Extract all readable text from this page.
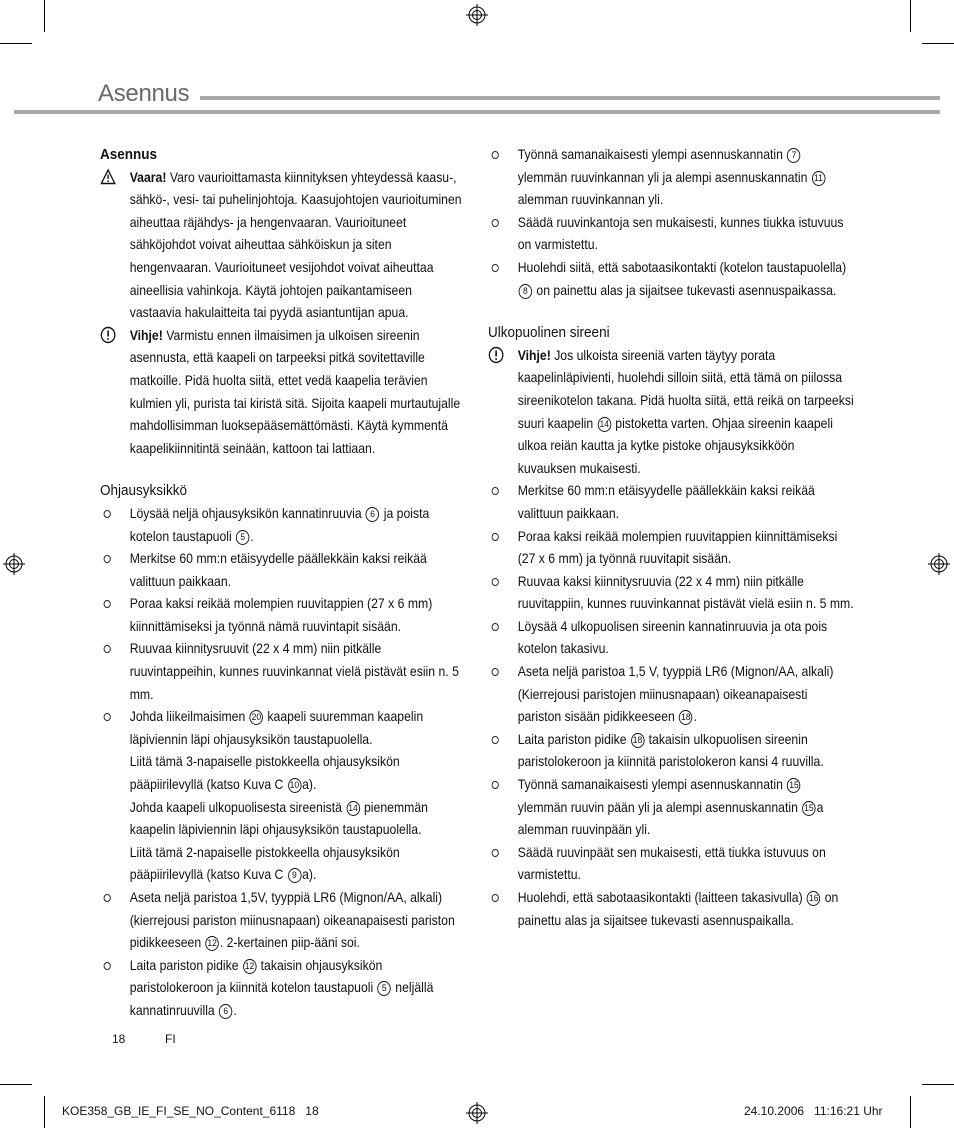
Asennus

Asennus

Vaara! Varo vaurioittamasta kiinnityksen yhteydessä kaasu-, sähkö-, vesi- tai puhelinjohtoja. Kaasujohtojen vaurioituminen aiheuttaa räjähdys- ja hengenvaaran. Vaurioituneet sähköjohdot voivat aiheuttaa sähköiskun ja siten hengenvaaran. Vaurioituneet vesijohdot voivat aiheuttaa aineellisia vahinkoja. Käytä johtojen paikantamiseen vastaavia hakulaitteita tai pyydä asiantuntijan apua.
Vihje! Varmistu ennen ilmaisimen ja ulkoisen sireenin asennusta, että kaapeli on tarpeeksi pitkä sovitettaville matkoille. Pidä huolta siitä, ettet vedä kaapelia terävien kulmien yli, purista tai kiristä sitä. Sijoita kaapeli murtautujalle mahdollisimman luoksepääsemättömästi. Käytä kymmentä kaapelikiinnitintä seinään, kattoon tai lattiaan.

Ohjausyksikkö

Löysää neljä ohjausyksikön kannatinruuvia 6 ja poista kotelon taustapuoli 5 .
Merkitse 60 mm:n etäisyydelle päällekkäin kaksi reikää valittuun paikkaan.
Poraa kaksi reikää molempien ruuvitappien (27 x 6 mm) kiinnittämiseksi ja työnnä nämä ruuvintapit sisään.
Ruuvaa kiinnitysruuvit (22 x 4 mm) niin pitkälle ruuvintappeihin, kunnes ruuvinkannat vielä pistävät esiin n. 5 mm.
Johda liikeilmaisimen 20 kaapeli suuremman kaapelin läpiviennin läpi ohjausyksikön taustapuolella.
Liitä tämä 3-napaiselle pistokkeella ohjausyksikön pääpiirilevyllä (katso Kuva C 10 a).
Johda kaapeli ulkopuolisesta sireenistä 14 pienemmän kaapelin läpiviennin läpi ohjausyksikön taustapuolella.
Liitä tämä 2-napaiselle pistokkeella ohjausyksikön pääpiirilevyllä (katso Kuva C 9 a).
Aseta neljä paristoa 1,5V, tyyppiä LR6 (Mignon/AA, alkali) (kierrejousi pariston miinusnapaan) oikeanapaisesti pariston pidikkeeseen 12 . 2-kertainen piip-ääni soi.
Laita pariston pidike 12 takaisin ohjausyksikön paristolokeroon ja kiinnitä kotelon taustapuoli 5 neljällä kannatinruuvilla 6 .
Työnnä samanaikaisesti ylempi asennuskannatin 7 ylemmän ruuvinkannan yli ja alempi asennuskannatin 11 alemman ruuvinkannan yli.
Säädä ruuvinkantoja sen mukaisesti, kunnes tiukka istuvuus on varmistettu.
Huolehdi siitä, että sabotaasikontakti (kotelon taustapuolella) 8 on painettu alas ja sijaitsee tukevasti asennuspaikassa.

Ulkopuolinen sireeni

Vihje! Jos ulkoista sireeniä varten täytyy porata kaapelinläpivienti, huolehdi silloin siitä, että tämä on piilossa sireenikotelon takana. Pidä huolta siitä, että reikä on tarpeeksi suuri kaapelin 14 pistoketta varten. Ohjaa sireenin kaapeli ulkoa reiän kautta ja kytke pistoke ohjausyksikköön kuvauksen mukaisesti.
Merkitse 60 mm:n etäisyydelle päällekkäin kaksi reikää valittuun paikkaan.
Poraa kaksi reikää molempien ruuvitappien kiinnittämiseksi (27 x 6 mm) ja työnnä ruuvitapit sisään.
Ruuvaa kaksi kiinnitysruuvia (22 x 4 mm) niin pitkälle ruuvitappiin, kunnes ruuvinkannat pistävät vielä esiin n. 5 mm.
Löysää 4 ulkopuolisen sireenin kannatinruuvia ja ota pois kotelon takasivu.
Aseta neljä paristoa 1,5 V, tyyppiä LR6 (Mignon/AA, alkali) (Kierrejousi paristojen miinusnapaan) oikeanapaisesti pariston sisään pidikkeeseen 18 .
Laita pariston pidike 18 takaisin ulkopuolisen sireenin paristolokeroon ja kiinnitä paristolokeron kansi 4 ruuvilla.
Työnnä samanaikaisesti ylempi asennuskannatin 15 ylemmän ruuvin pään yli ja alempi asennuskannatin 15 a alemman ruuvinpään yli.
Säädä ruuvinpäät sen mukaisesti, että tiukka istuvuus on varmistettu.
Huolehdi, että sabotaasikontakti (laitteen takasivulla) 16 on painettu alas ja sijaitsee tukevasti asennuspaikalla.
18	FI
KOE358_GB_IE_FI_SE_NO_Content_6118   18	24.10.2006   11:16:21 Uhr
